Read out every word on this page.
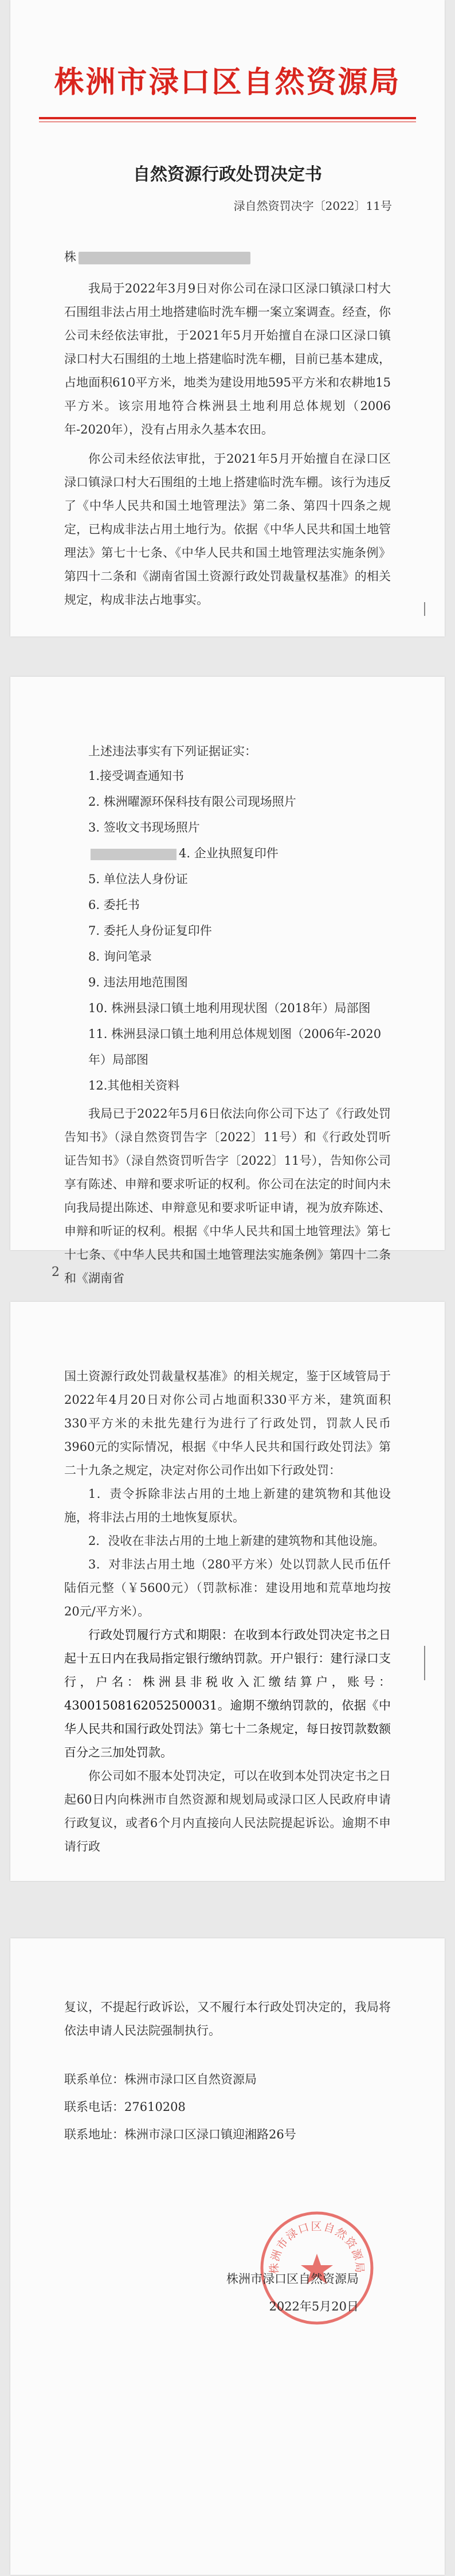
株洲市渌口区自然资源局
自然资源行政处罚决定书
渌自然资罚决字〔2022〕11号
株
我局于2022年3月9日对你公司在渌口区渌口镇渌口村大石围组非法占用土地搭建临时洗车棚一案立案调查。经查，你公司未经依法审批，于2021年5月开始擅自在渌口区渌口镇渌口村大石围组的土地上搭建临时洗车棚，目前已基本建成，占地面积610平方米，地类为建设用地595平方米和农耕地15平方米。该宗用地符合株洲县土地利用总体规划（2006年-2020年），没有占用永久基本农田。
你公司未经依法审批，于2021年5月开始擅自在渌口区渌口镇渌口村大石围组的土地上搭建临时洗车棚。该行为违反了《中华人民共和国土地管理法》第二条、第四十四条之规定，已构成非法占用土地行为。依据《中华人民共和国土地管理法》第七十七条、《中华人民共和国土地管理法实施条例》第四十二条和《湖南省国土资源行政处罚裁量权基准》的相关规定，构成非法占地事实。
上述违法事实有下列证据证实：
1.接受调查通知书
2. 株洲曜源环保科技有限公司现场照片
3. 签收文书现场照片
4. 企业执照复印件
5. 单位法人身份证
6. 委托书
7. 委托人身份证复印件
8. 询问笔录
9. 违法用地范围图
10. 株洲县渌口镇土地利用现状图（2018年）局部图
11. 株洲县渌口镇土地利用总体规划图（2006年-2020年）局部图
12.其他相关资料
我局已于2022年5月6日依法向你公司下达了《行政处罚告知书》（渌自然资罚告字〔2022〕11号）和《行政处罚听证告知书》（渌自然资罚听告字〔2022〕11号），告知你公司享有陈述、申辩和要求听证的权利。你公司在法定的时间内未向我局提出陈述、申辩意见和要求听证申请，视为放弃陈述、申辩和听证的权利。根据《中华人民共和国土地管理法》第七十七条、《中华人民共和国土地管理法实施条例》第四十二条和《湖南省
2
国土资源行政处罚裁量权基准》的相关规定，鉴于区域管局于2022年4月20日对你公司占地面积330平方米，建筑面积330平方米的未批先建行为进行了行政处罚，罚款人民币3960元的实际情况，根据《中华人民共和国行政处罚法》第二十九条之规定，决定对你公司作出如下行政处罚：
1．责令拆除非法占用的土地上新建的建筑物和其他设施，将非法占用的土地恢复原状。
2．没收在非法占用的土地上新建的建筑物和其他设施。
3．对非法占用土地（280平方米）处以罚款人民币伍仟陆佰元整（￥5600元）（罚款标准：建设用地和荒草地均按20元/平方米）。
行政处罚履行方式和期限：在收到本行政处罚决定书之日起十五日内在我局指定银行缴纳罚款。开户银行：建行渌口支行，户名：株洲县非税收入汇缴结算户，账号：43001508162052500031。逾期不缴纳罚款的，依据《中华人民共和国行政处罚法》第七十二条规定，每日按罚款数额百分之三加处罚款。
你公司如不服本处罚决定，可以在收到本处罚决定书之日起60日内向株洲市自然资源和规划局或渌口区人民政府申请行政复议，或者6个月内直接向人民法院提起诉讼。逾期不申请行政
复议，不提起行政诉讼，又不履行本行政处罚决定的，我局将依法申请人民法院强制执行。
联系单位：株洲市渌口区自然资源局
联系电话：27610208
联系地址：株洲市渌口区渌口镇迎湘路26号
株洲市渌口区自然资源局
株洲市渌口区自然资源局
2022年5月20日
